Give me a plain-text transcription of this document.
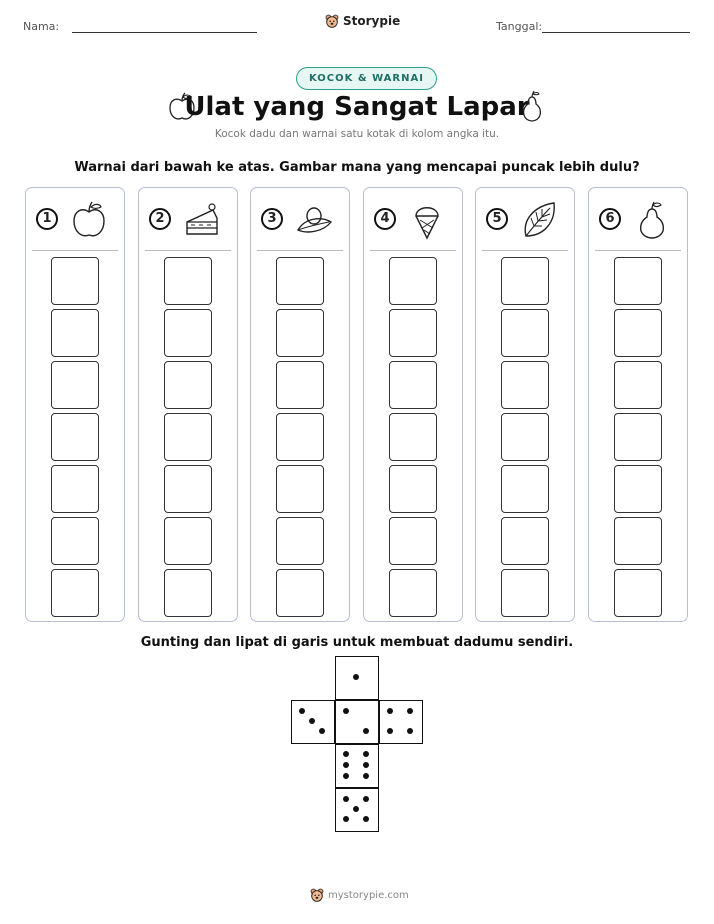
Nama:	Storypie	Tanggal:
KOCOK & WARNAI
Ulat yang Sangat Lapar
Kocok dadu dan warnai satu kotak di kolom angka itu.
Warnai dari bawah ke atas. Gambar mana yang mencapai puncak lebih dulu?
1	2	3	4	5	6
Gunting dan lipat di garis untuk membuat dadumu sendiri.
mystorypie.com
